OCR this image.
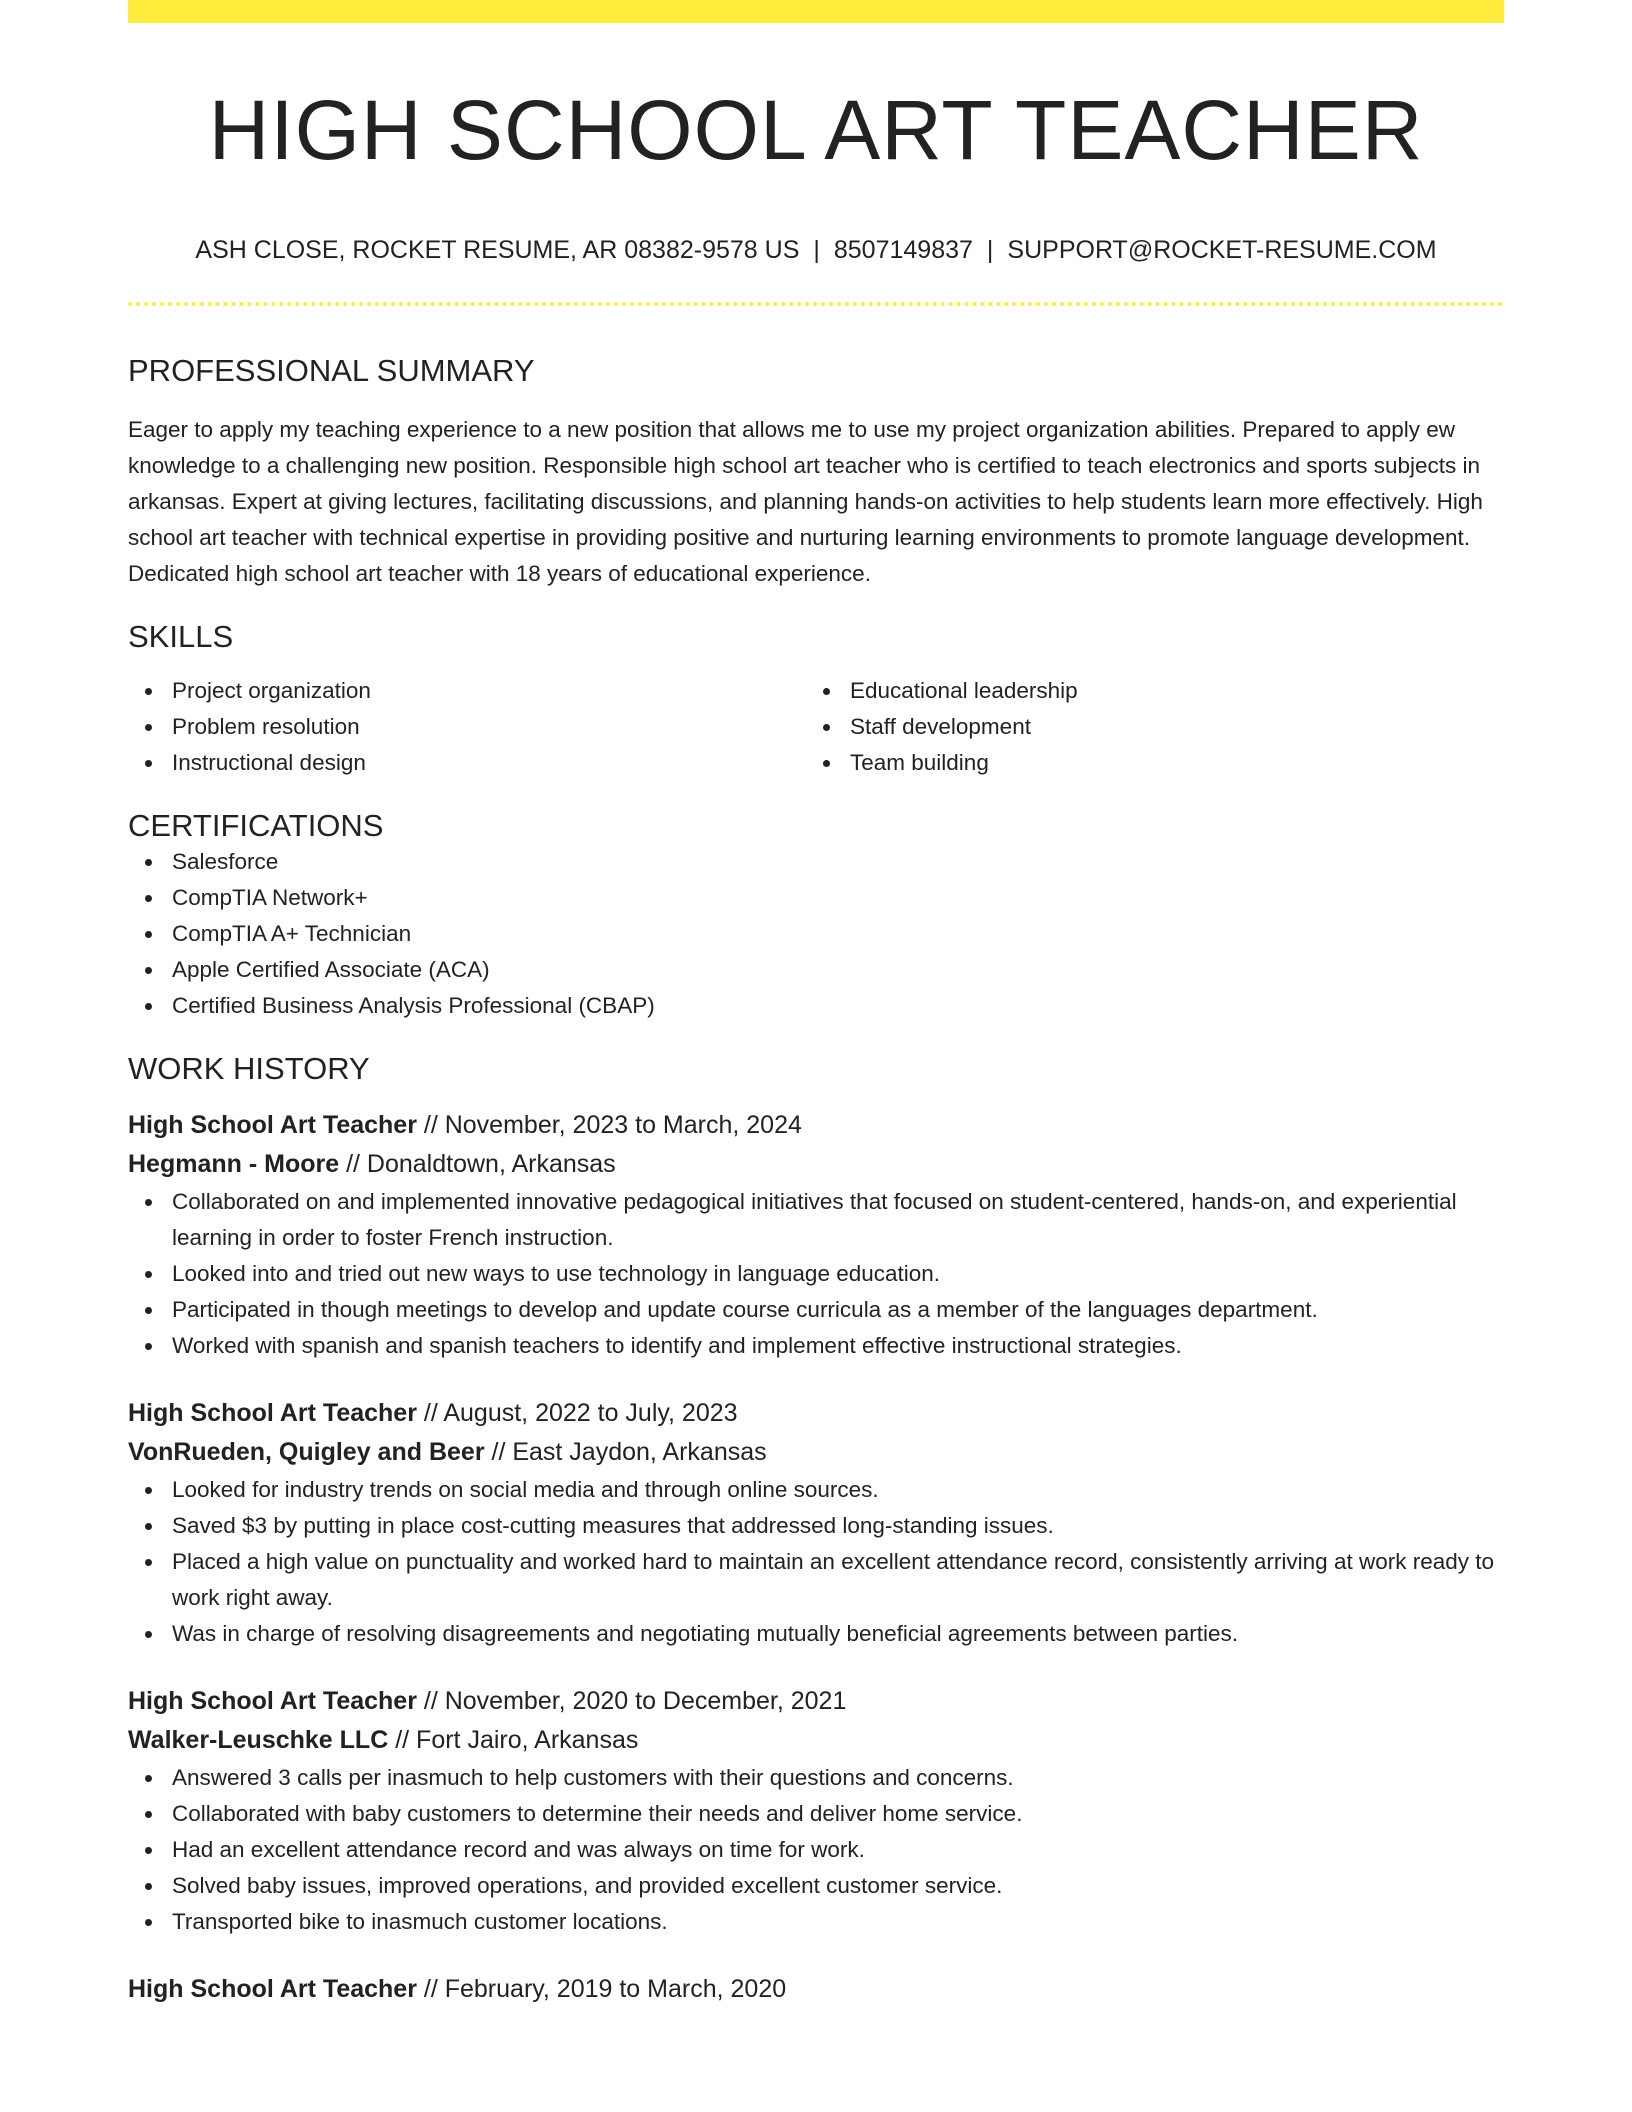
HIGH SCHOOL ART TEACHER
ASH CLOSE, ROCKET RESUME, AR 08382-9578 US | 8507149837 | SUPPORT@ROCKET-RESUME.COM
PROFESSIONAL SUMMARY
Eager to apply my teaching experience to a new position that allows me to use my project organization abilities. Prepared to apply ew knowledge to a challenging new position. Responsible high school art teacher who is certified to teach electronics and sports subjects in arkansas. Expert at giving lectures, facilitating discussions, and planning hands-on activities to help students learn more effectively. High school art teacher with technical expertise in providing positive and nurturing learning environments to promote language development. Dedicated high school art teacher with 18 years of educational experience.
SKILLS
Project organization
Problem resolution
Instructional design
Educational leadership
Staff development
Team building
CERTIFICATIONS
Salesforce
CompTIA Network+
CompTIA A+ Technician
Apple Certified Associate (ACA)
Certified Business Analysis Professional (CBAP)
WORK HISTORY
High School Art Teacher // November, 2023 to March, 2024
Hegmann - Moore // Donaldtown, Arkansas
Collaborated on and implemented innovative pedagogical initiatives that focused on student-centered, hands-on, and experiential learning in order to foster French instruction.
Looked into and tried out new ways to use technology in language education.
Participated in though meetings to develop and update course curricula as a member of the languages department.
Worked with spanish and spanish teachers to identify and implement effective instructional strategies.
High School Art Teacher // August, 2022 to July, 2023
VonRueden, Quigley and Beer // East Jaydon, Arkansas
Looked for industry trends on social media and through online sources.
Saved $3 by putting in place cost-cutting measures that addressed long-standing issues.
Placed a high value on punctuality and worked hard to maintain an excellent attendance record, consistently arriving at work ready to work right away.
Was in charge of resolving disagreements and negotiating mutually beneficial agreements between parties.
High School Art Teacher // November, 2020 to December, 2021
Walker-Leuschke LLC // Fort Jairo, Arkansas
Answered 3 calls per inasmuch to help customers with their questions and concerns.
Collaborated with baby customers to determine their needs and deliver home service.
Had an excellent attendance record and was always on time for work.
Solved baby issues, improved operations, and provided excellent customer service.
Transported bike to inasmuch customer locations.
High School Art Teacher // February, 2019 to March, 2020
